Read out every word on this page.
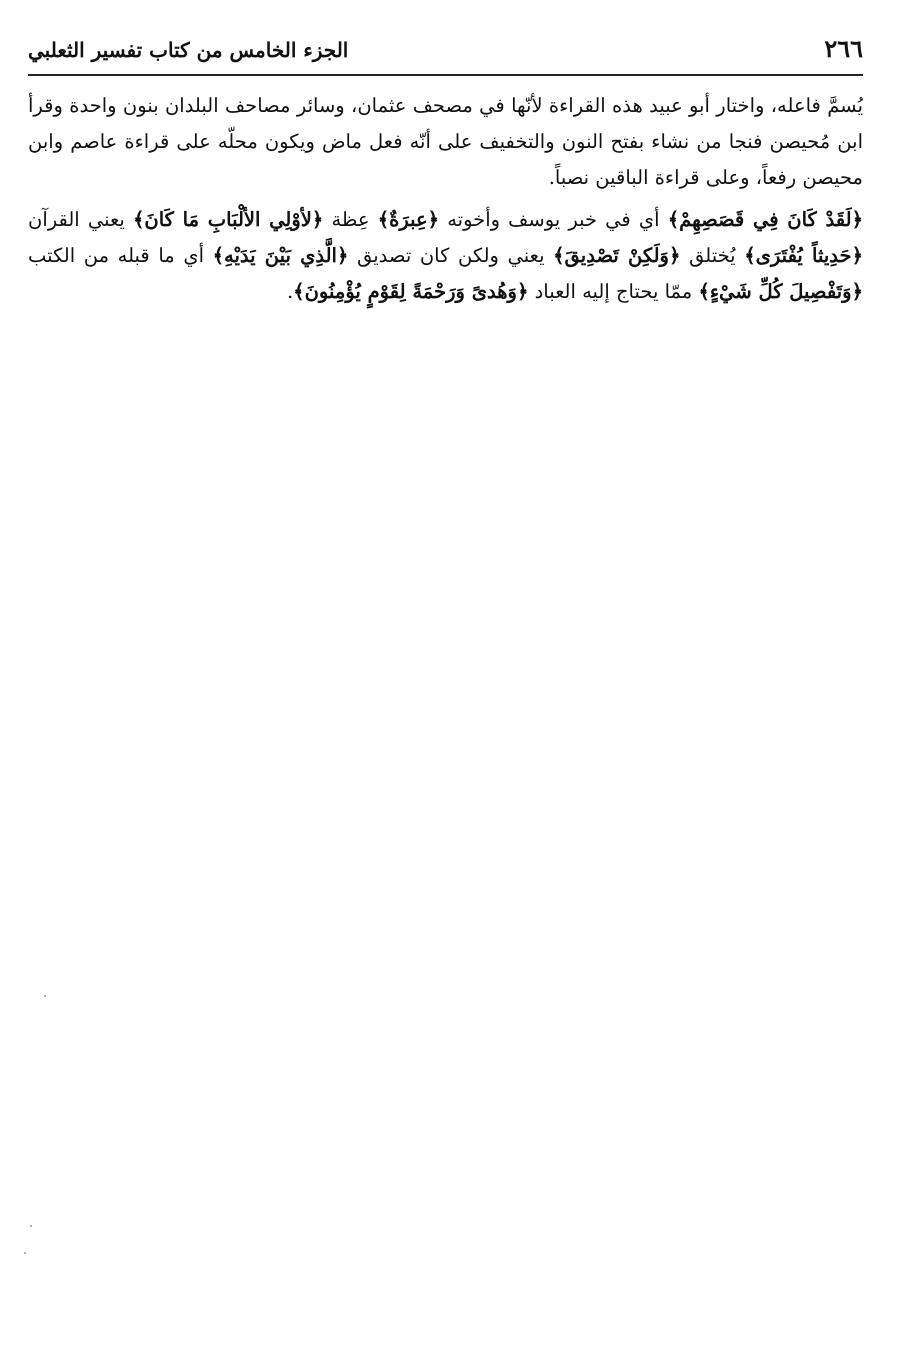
٢٦٦
الجزء الخامس من كتاب تفسير الثعلبي

يُسمَّ فاعله، واختار أبو عبيد هذه القراءة لأنّها في مصحف عثمان، وسائر مصاحف البلدان بنون واحدة وقرأ ابن مُحيصن فنجا من نشاء بفتح النون والتخفيف على أنّه فعل ماض ويكون محلّه على قراءة عاصم وابن محيصن رفعاً، وعلى قراءة الباقين نصباً.

﴿لَقَدْ كَانَ فِي قَصَصِهِمْ﴾ أي في خبر يوسف وأخوته ﴿عِبرَةٌ﴾ عِظة ﴿لأوْلِي الألْبَابِ مَا كَانَ﴾ يعني القرآن ﴿حَدِيثاً يُفْتَرَى﴾ يُختلق ﴿وَلَكِنْ تَصْدِيقَ﴾ يعني ولكن كان تصديق ﴿الَّذِي بَيْنَ يَدَيْهِ﴾ أي ما قبله من الكتب ﴿وَتَفْصِيلَ كُلِّ شَيْءٍ﴾ ممّا يحتاج إليه العباد ﴿وَهُدىً وَرَحْمَةً لِقَوْمٍ يُؤْمِنُونَ﴾.
